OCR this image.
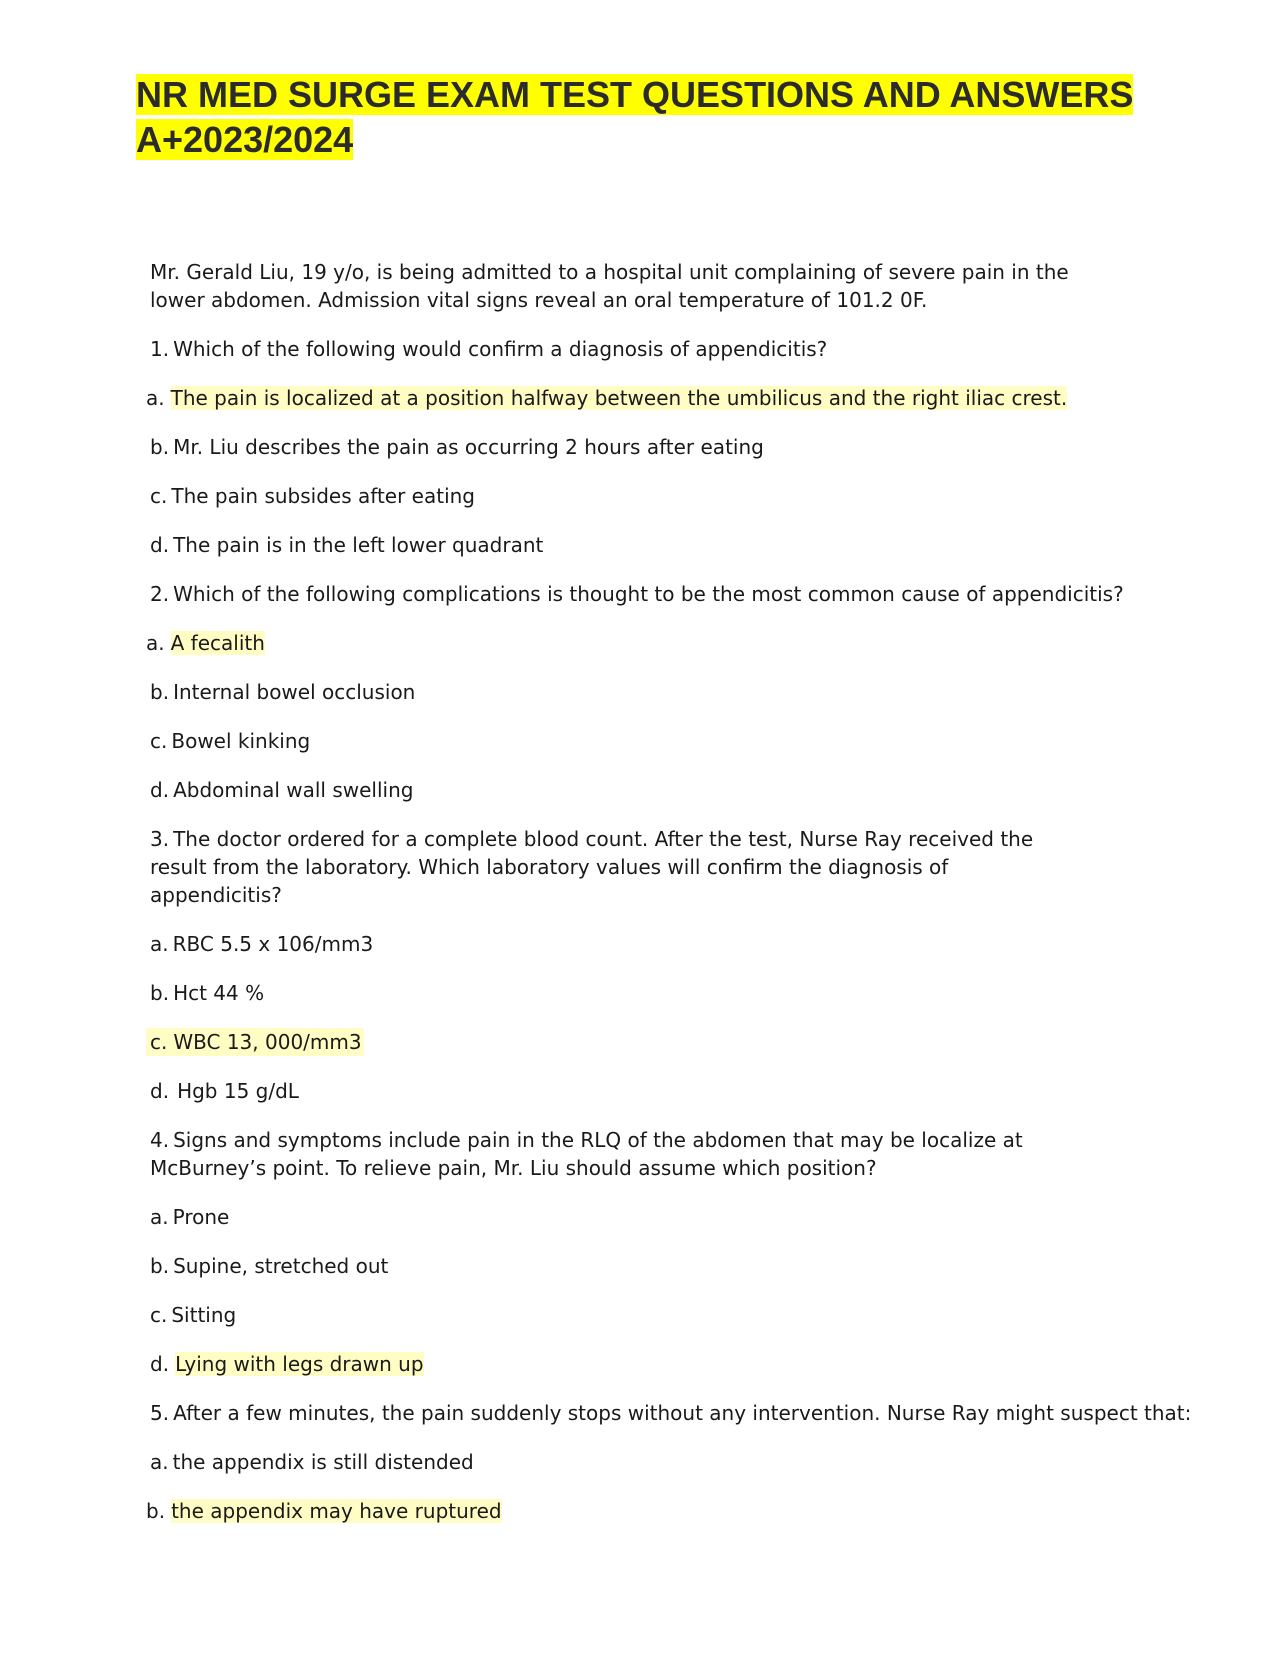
NR MED SURGE EXAM TEST QUESTIONS AND ANSWERS
A+2023/2024

Mr. Gerald Liu, 19 y/o, is being admitted to a hospital unit complaining of severe pain in the lower abdomen. Admission vital signs reveal an oral temperature of 101.2 0F.

1. Which of the following would confirm a diagnosis of appendicitis?
a. The pain is localized at a position halfway between the umbilicus and the right iliac crest.
b. Mr. Liu describes the pain as occurring 2 hours after eating
c. The pain subsides after eating
d. The pain is in the left lower quadrant
2. Which of the following complications is thought to be the most common cause of appendicitis?
a. A fecalith
b. Internal bowel occlusion
c. Bowel kinking
d. Abdominal wall swelling
3. The doctor ordered for a complete blood count. After the test, Nurse Ray received the result from the laboratory. Which laboratory values will confirm the diagnosis of appendicitis?
a. RBC 5.5 x 106/mm3
b. Hct 44 %
c. WBC 13, 000/mm3
d. Hgb 15 g/dL
4. Signs and symptoms include pain in the RLQ of the abdomen that may be localize at McBurney’s point. To relieve pain, Mr. Liu should assume which position?
a. Prone
b. Supine, stretched out
c. Sitting
d. Lying with legs drawn up
5. After a few minutes, the pain suddenly stops without any intervention. Nurse Ray might suspect that:
a. the appendix is still distended
b. the appendix may have ruptured
